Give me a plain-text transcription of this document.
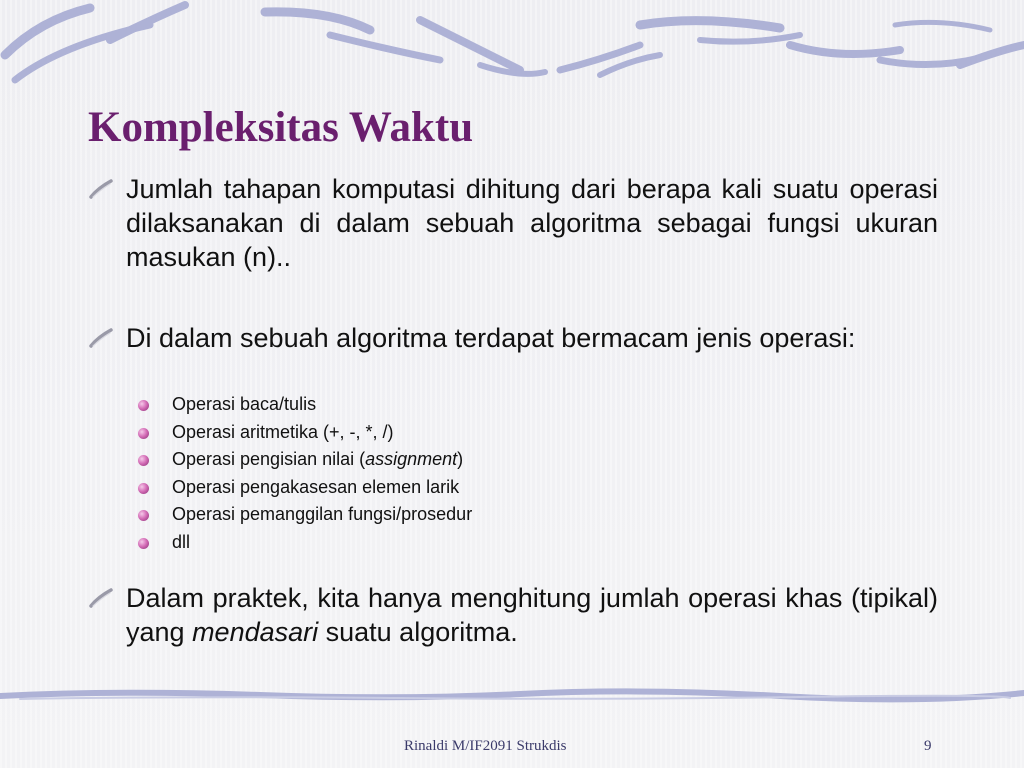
Kompleksitas Waktu
Jumlah tahapan komputasi dihitung dari berapa kali suatu operasi dilaksanakan di dalam sebuah algoritma sebagai fungsi ukuran masukan (n)..
Di dalam sebuah algoritma terdapat bermacam jenis operasi:
Operasi baca/tulis
Operasi aritmetika (+, -, *, /)
Operasi pengisian nilai (assignment)
Operasi pengakasesan elemen larik
Operasi pemanggilan fungsi/prosedur
dll
Dalam praktek, kita hanya menghitung jumlah operasi khas (tipikal) yang mendasari suatu algoritma.
Rinaldi M/IF2091 Strukdis	9
